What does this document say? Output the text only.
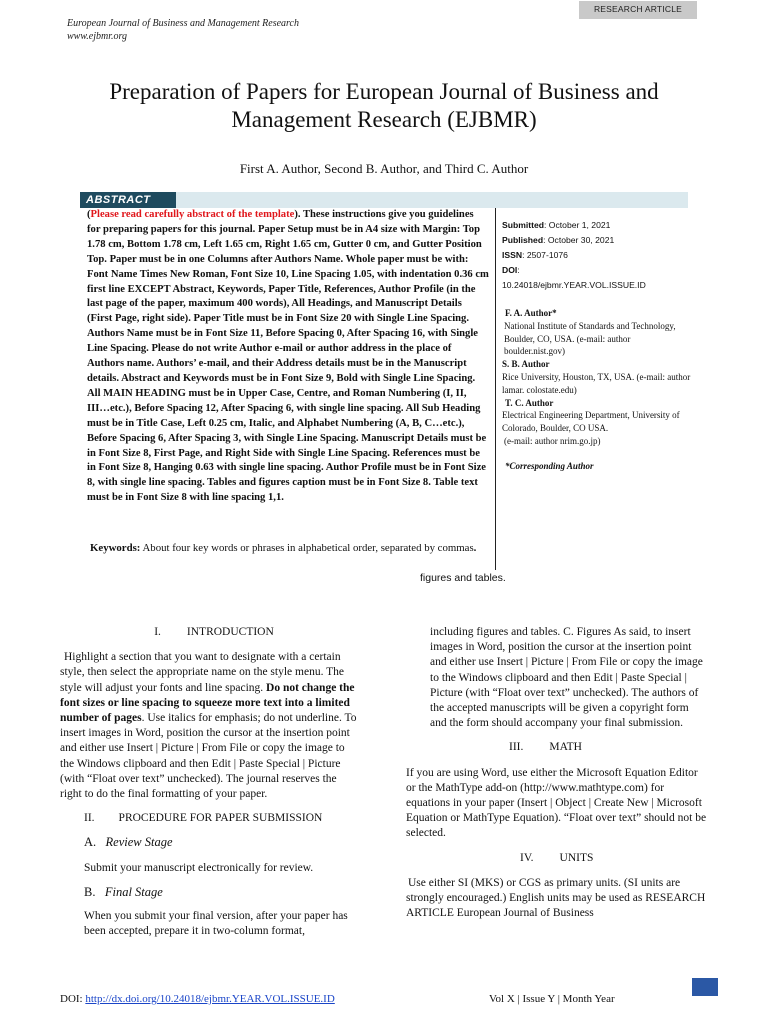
European Journal of Business and Management Research
www.ejbmr.org
RESEARCH ARTICLE
Preparation of Papers for European Journal of Business and Management Research (EJBMR)
First A. Author, Second B. Author, and Third C. Author
ABSTRACT
(Please read carefully abstract of the template). These instructions give you guidelines for preparing papers for this journal. Paper Setup must be in A4 size with Margin: Top 1.78 cm, Bottom 1.78 cm, Left 1.65 cm, Right 1.65 cm, Gutter 0 cm, and Gutter Position Top. Paper must be in one Columns after Authors Name. Whole paper must be with: Font Name Times New Roman, Font Size 10, Line Spacing 1.05, with indentation 0.36 cm first line EXCEPT Abstract, Keywords, Paper Title, References, Author Profile (in the last page of the paper, maximum 400 words), All Headings, and Manuscript Details (First Page, right side). Paper Title must be in Font Size 20 with Single Line Spacing. Authors Name must be in Font Size 11, Before Spacing 0, After Spacing 16, with Single Line Spacing. Please do not write Author e-mail or author address in the place of Authors name. Authors’ e-mail, and their Address details must be in the Manuscript details. Abstract and Keywords must be in Font Size 9, Bold with Single Line Spacing. All MAIN HEADING must be in Upper Case, Centre, and Roman Numbering (I, II, III…etc.), Before Spacing 12, After Spacing 6, with single line spacing. All Sub Heading must be in Title Case, Left 0.25 cm, Italic, and Alphabet Numbering (A, B, C…etc.), Before Spacing 6, After Spacing 3, with Single Line Spacing. Manuscript Details must be in Font Size 8, First Page, and Right Side with Single Line Spacing. References must be in Font Size 8, Hanging 0.63 with single line spacing. Author Profile must be in Font Size 8, with single line spacing. Tables and figures caption must be in Font Size 8. Table text must be in Font Size 8 with line spacing 1,1.
Submitted: October 1, 2021
Published: October 30, 2021
ISSN: 2507-1076
DOI:
10.24018/ejbmr.YEAR.VOL.ISSUE.ID
F. A. Author*
National Institute of Standards and Technology, Boulder, CO, USA. (e-mail: author boulder.nist.gov)
S. B. Author
Rice University, Houston, TX, USA. (e-mail: author lamar. colostate.edu)
T. C. Author
Electrical Engineering Department, University of Colorado, Boulder, CO USA.
(e-mail: author nrim.go.jp)
*Corresponding Author
Keywords: About four key words or phrases in alphabetical order, separated by commas.
figures and tables.
I. INTRODUCTION
Highlight a section that you want to designate with a certain style, then select the appropriate name on the style menu. The style will adjust your fonts and line spacing. Do not change the font sizes or line spacing to squeeze more text into a limited number of pages. Use italics for emphasis; do not underline. To insert images in Word, position the cursor at the insertion point and either use Insert | Picture | From File or copy the image to the Windows clipboard and then Edit | Paste Special | Picture (with “Float over text” unchecked). The journal reserves the right to do the final formatting of your paper.
II. PROCEDURE FOR PAPER SUBMISSION
A. Review Stage
Submit your manuscript electronically for review.
B. Final Stage
When you submit your final version, after your paper has been accepted, prepare it in two-column format,
including figures and tables. C. Figures As said, to insert images in Word, position the cursor at the insertion point and either use Insert | Picture | From File or copy the image to the Windows clipboard and then Edit | Paste Special | Picture (with “Float over text” unchecked). The authors of the accepted manuscripts will be given a copyright form and the form should accompany your final submission.
III. MATH
If you are using Word, use either the Microsoft Equation Editor or the MathType add-on (http://www.mathtype.com) for equations in your paper (Insert | Object | Create New | Microsoft Equation or MathType Equation). “Float over text” should not be selected.
IV. UNITS
Use either SI (MKS) or CGS as primary units. (SI units are strongly encouraged.) English units may be used as RESEARCH ARTICLE European Journal of Business
DOI: http://dx.doi.org/10.24018/ejbmr.YEAR.VOL.ISSUE.ID	Vol X | Issue Y | Month Year
